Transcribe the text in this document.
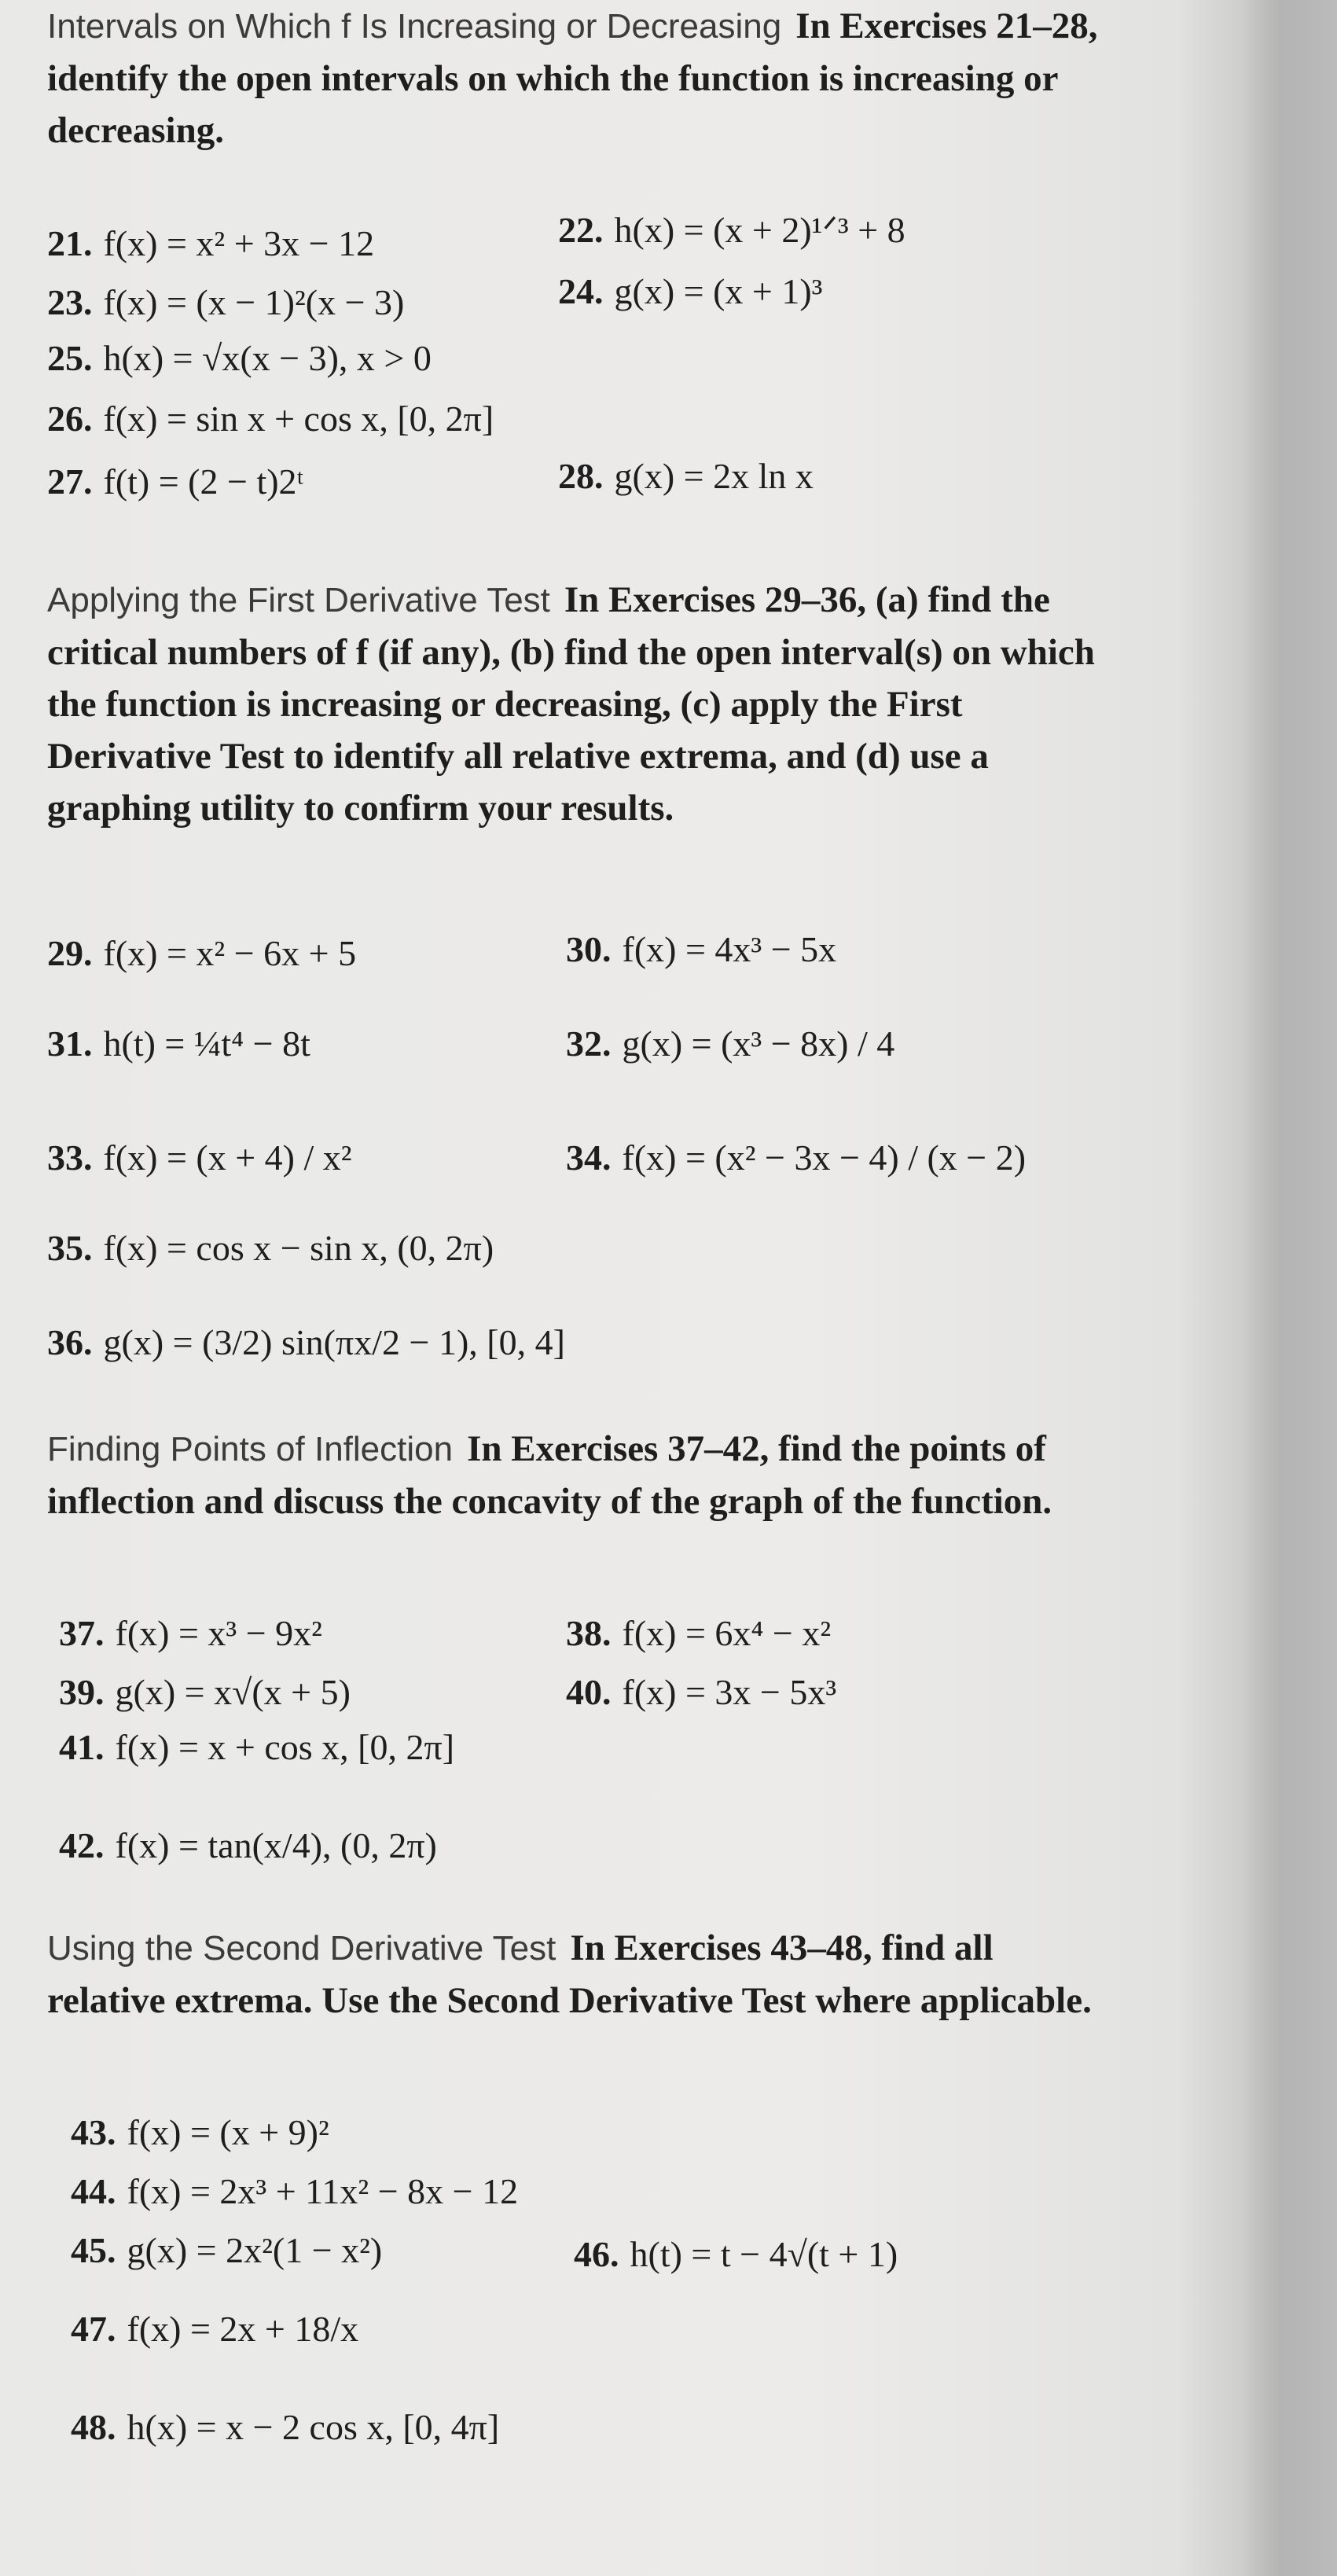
Intervals on Which f Is Increasing or Decreasing In Exercises 21–28, identify the open intervals on which the function is increasing or decreasing.

21. f(x) = x² + 3x − 12	22. h(x) = (x + 2)¹ᐟ³ + 8
23. f(x) = (x − 1)²(x − 3)	24. g(x) = (x + 1)³
25. h(x) = √x(x − 3), x > 0
26. f(x) = sin x + cos x, [0, 2π]
27. f(t) = (2 − t)2ᵗ	28. g(x) = 2x ln x

Applying the First Derivative Test In Exercises 29–36, (a) find the critical numbers of f (if any), (b) find the open interval(s) on which the function is increasing or decreasing, (c) apply the First Derivative Test to identify all relative extrema, and (d) use a graphing utility to confirm your results.

29. f(x) = x² − 6x + 5	30. f(x) = 4x³ − 5x
31. h(t) = ¼t⁴ − 8t	32. g(x) = (x³ − 8x) / 4
33. f(x) = (x + 4) / x²	34. f(x) = (x² − 3x − 4) / (x − 2)
35. f(x) = cos x − sin x, (0, 2π)
36. g(x) = (3/2) sin(πx/2 − 1), [0, 4]

Finding Points of Inflection In Exercises 37–42, find the points of inflection and discuss the concavity of the graph of the function.

37. f(x) = x³ − 9x²	38. f(x) = 6x⁴ − x²
39. g(x) = x√(x + 5)	40. f(x) = 3x − 5x³
41. f(x) = x + cos x, [0, 2π]
42. f(x) = tan(x/4), (0, 2π)

Using the Second Derivative Test In Exercises 43–48, find all relative extrema. Use the Second Derivative Test where applicable.

43. f(x) = (x + 9)²
44. f(x) = 2x³ + 11x² − 8x − 12
45. g(x) = 2x²(1 − x²)	46. h(t) = t − 4√(t + 1)
47. f(x) = 2x + 18/x
48. h(x) = x − 2 cos x, [0, 4π]
